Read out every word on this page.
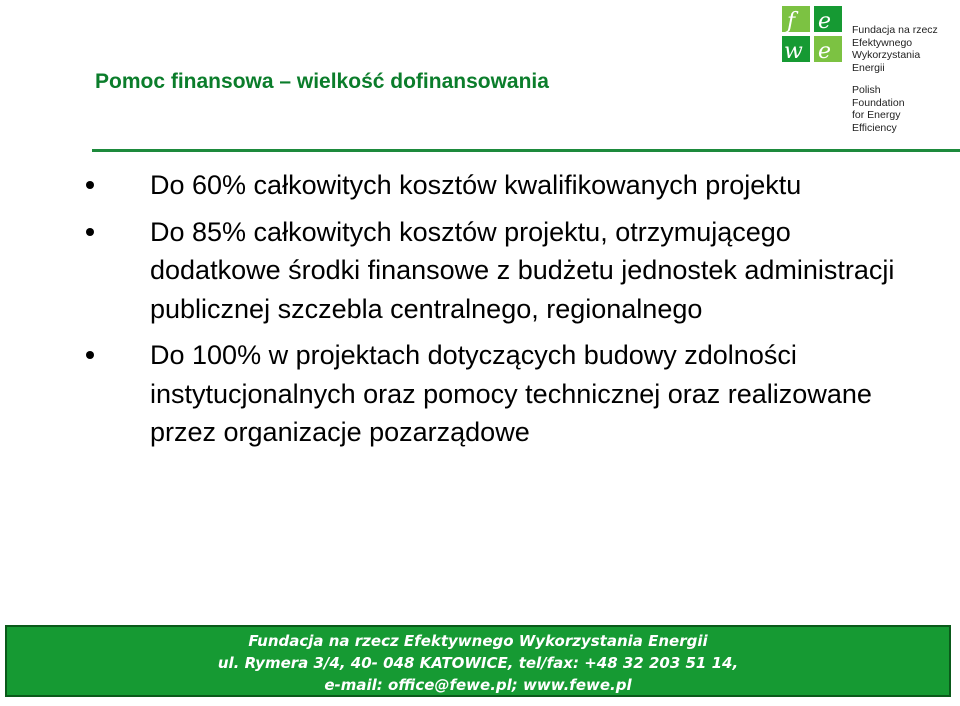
Pomoc finansowa – wielkość dofinansowania
f e
w e
Fundacja na rzecz
Efektywnego
Wykorzystania
Energii
Polish
Foundation
for Energy
Efficiency
Do 60% całkowitych kosztów kwalifikowanych projektu
Do 85% całkowitych kosztów projektu, otrzymującego dodatkowe środki finansowe z budżetu jednostek administracji publicznej szczebla centralnego, regionalnego
Do 100% w projektach dotyczących budowy zdolności instytucjonalnych oraz pomocy technicznej oraz realizowane przez organizacje pozarządowe
Fundacja na rzecz Efektywnego Wykorzystania Energii
ul. Rymera 3/4, 40- 048 KATOWICE, tel/fax: +48 32 203 51 14,
e-mail: office@fewe.pl; www.fewe.pl
